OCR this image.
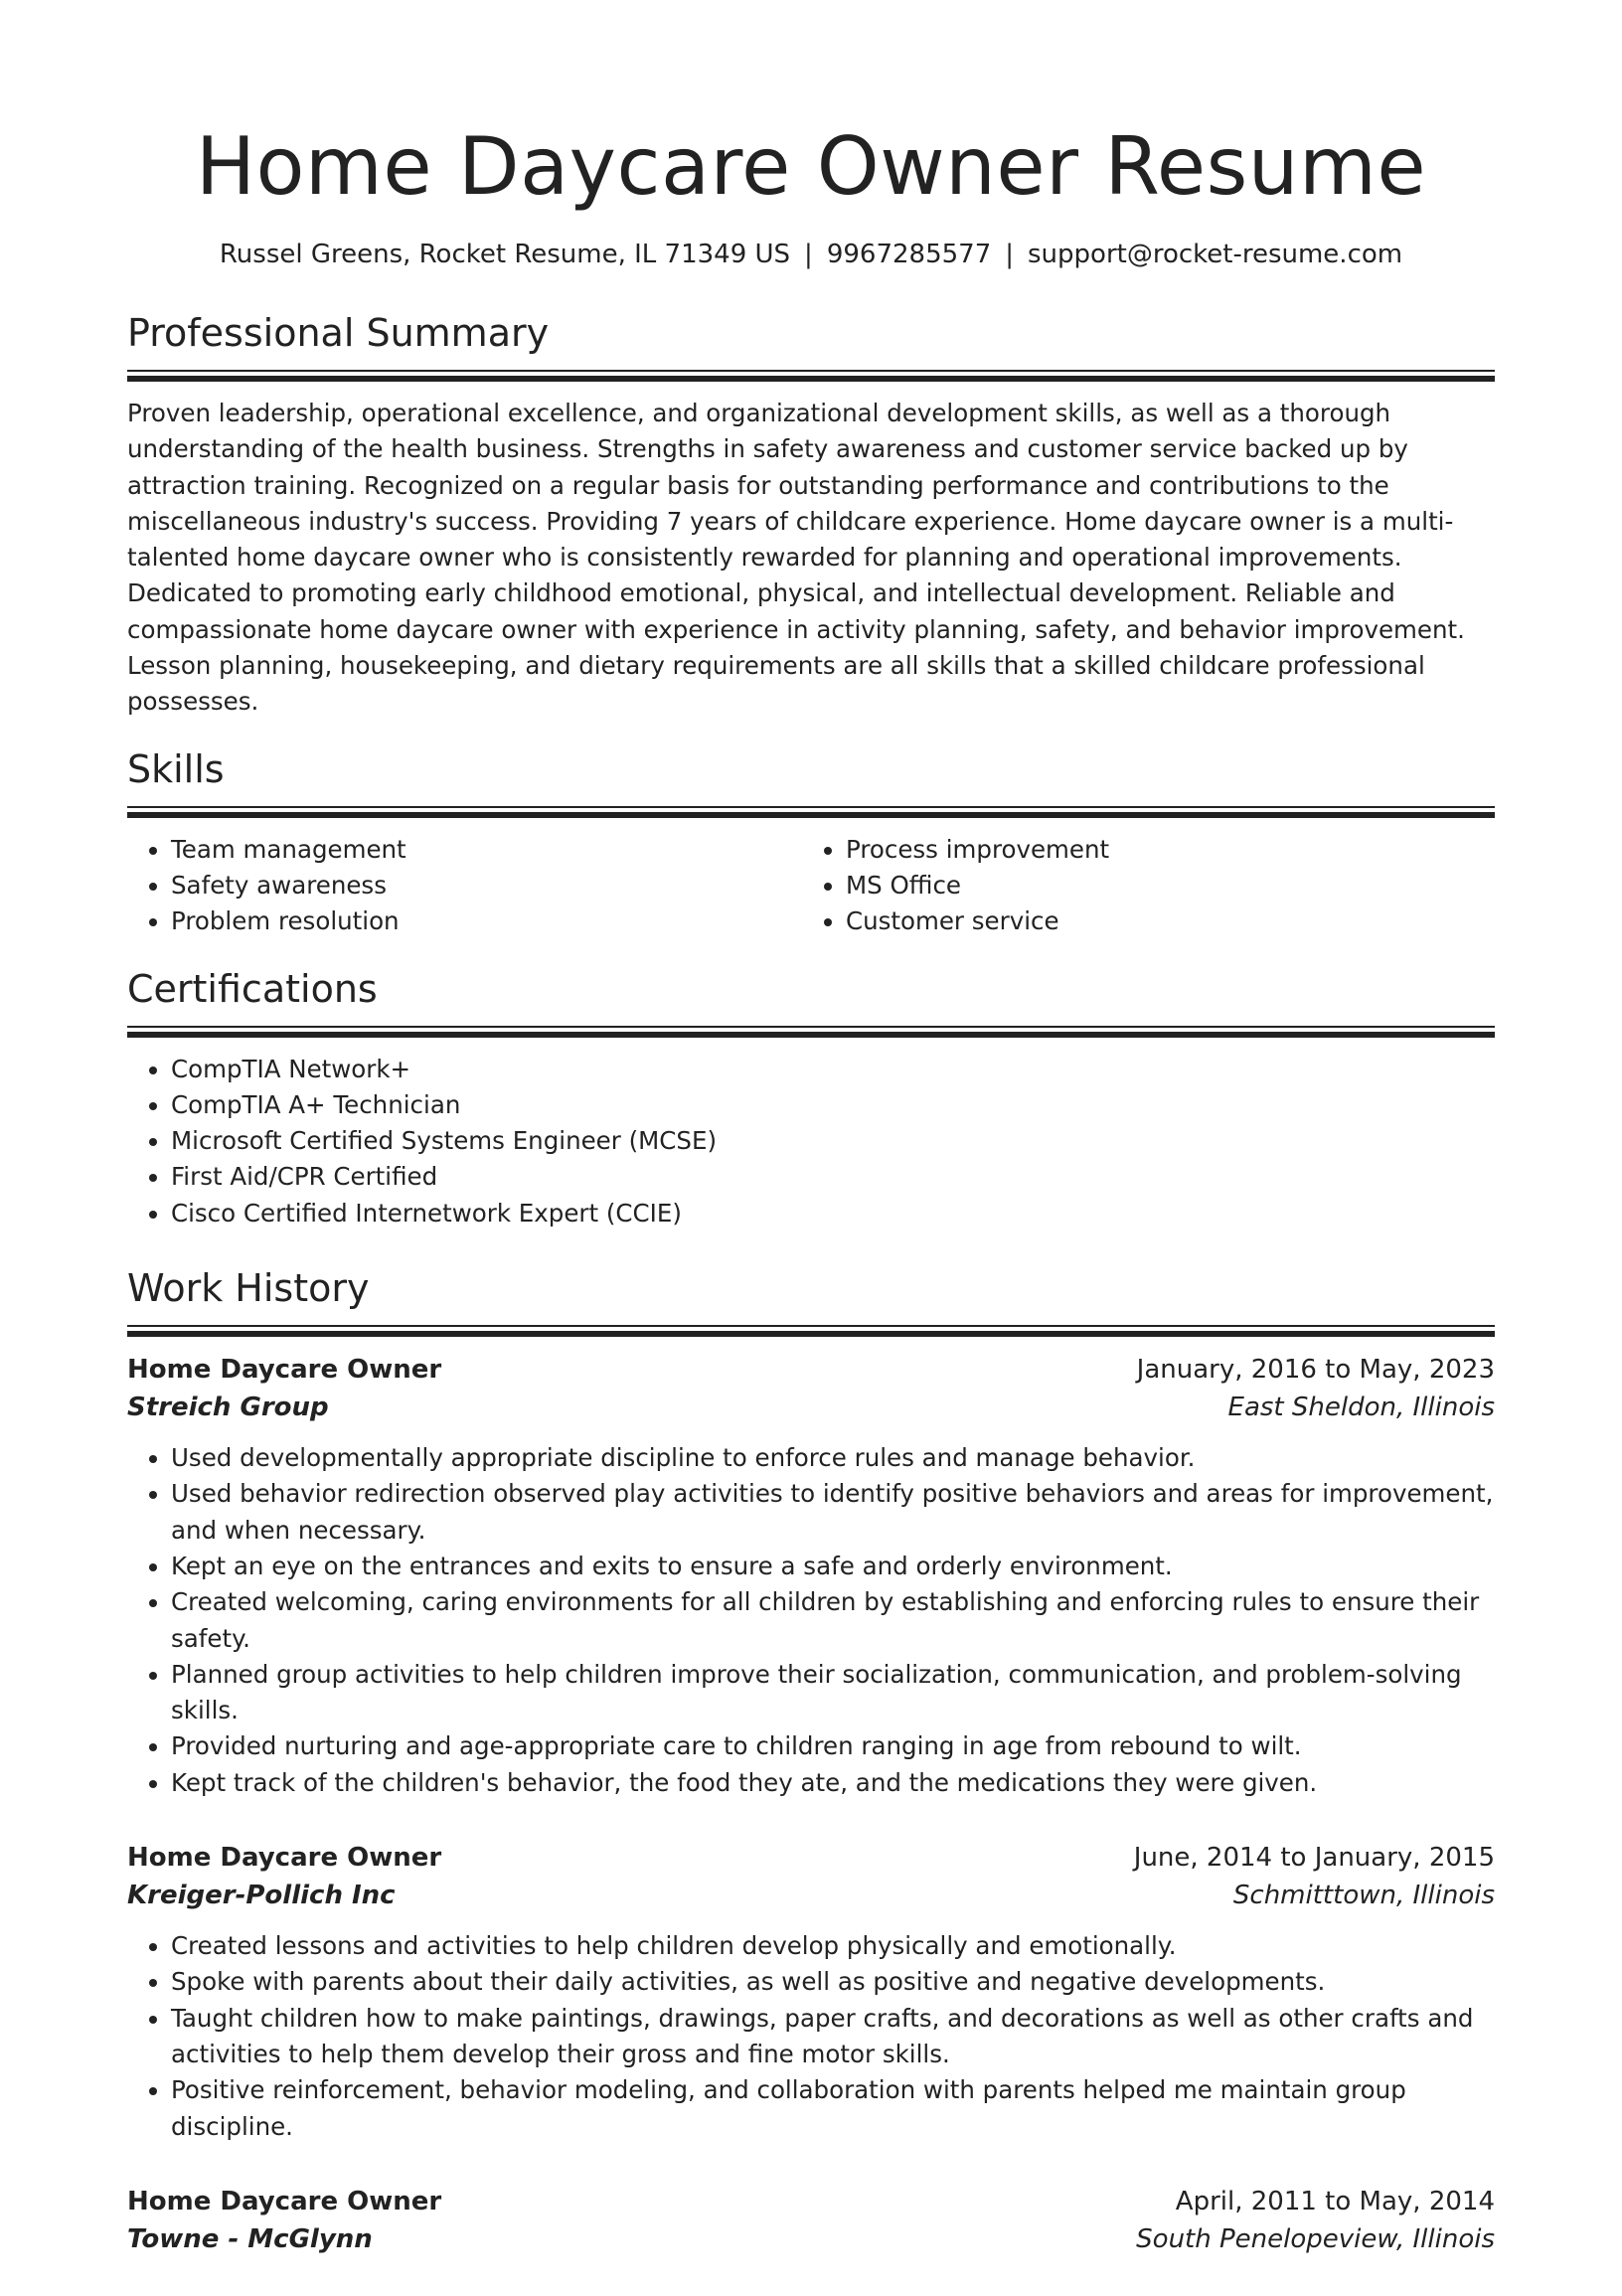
Home Daycare Owner Resume
Russel Greens, Rocket Resume, IL 71349 US | 9967285577 | support@rocket-resume.com
Professional Summary

Proven leadership, operational excellence, and organizational development skills, as well as a thorough understanding of the health business. Strengths in safety awareness and customer service backed up by attraction training. Recognized on a regular basis for outstanding performance and contributions to the miscellaneous industry's success. Providing 7 years of childcare experience. Home daycare owner is a multi-talented home daycare owner who is consistently rewarded for planning and operational improvements. Dedicated to promoting early childhood emotional, physical, and intellectual development. Reliable and compassionate home daycare owner with experience in activity planning, safety, and behavior improvement. Lesson planning, housekeeping, and dietary requirements are all skills that a skilled childcare professional possesses.

Skills
• Team management
• Safety awareness
• Problem resolution
• Process improvement
• MS Office
• Customer service
Certifications
• CompTIA Network+
• CompTIA A+ Technician
• Microsoft Certified Systems Engineer (MCSE)
• First Aid/CPR Certified
• Cisco Certified Internetwork Expert (CCIE)
Work History
Home Daycare Owner	January, 2016 to May, 2023
Streich Group	East Sheldon, Illinois
• Used developmentally appropriate discipline to enforce rules and manage behavior.
• Used behavior redirection observed play activities to identify positive behaviors and areas for improvement, and when necessary.
• Kept an eye on the entrances and exits to ensure a safe and orderly environment.
• Created welcoming, caring environments for all children by establishing and enforcing rules to ensure their safety.
• Planned group activities to help children improve their socialization, communication, and problem-solving skills.
• Provided nurturing and age-appropriate care to children ranging in age from rebound to wilt.
• Kept track of the children's behavior, the food they ate, and the medications they were given.
Home Daycare Owner	June, 2014 to January, 2015
Kreiger-Pollich Inc	Schmitttown, Illinois
• Created lessons and activities to help children develop physically and emotionally.
• Spoke with parents about their daily activities, as well as positive and negative developments.
• Taught children how to make paintings, drawings, paper crafts, and decorations as well as other crafts and activities to help them develop their gross and fine motor skills.
• Positive reinforcement, behavior modeling, and collaboration with parents helped me maintain group discipline.
Home Daycare Owner	April, 2011 to May, 2014
Towne - McGlynn	South Penelopeview, Illinois
